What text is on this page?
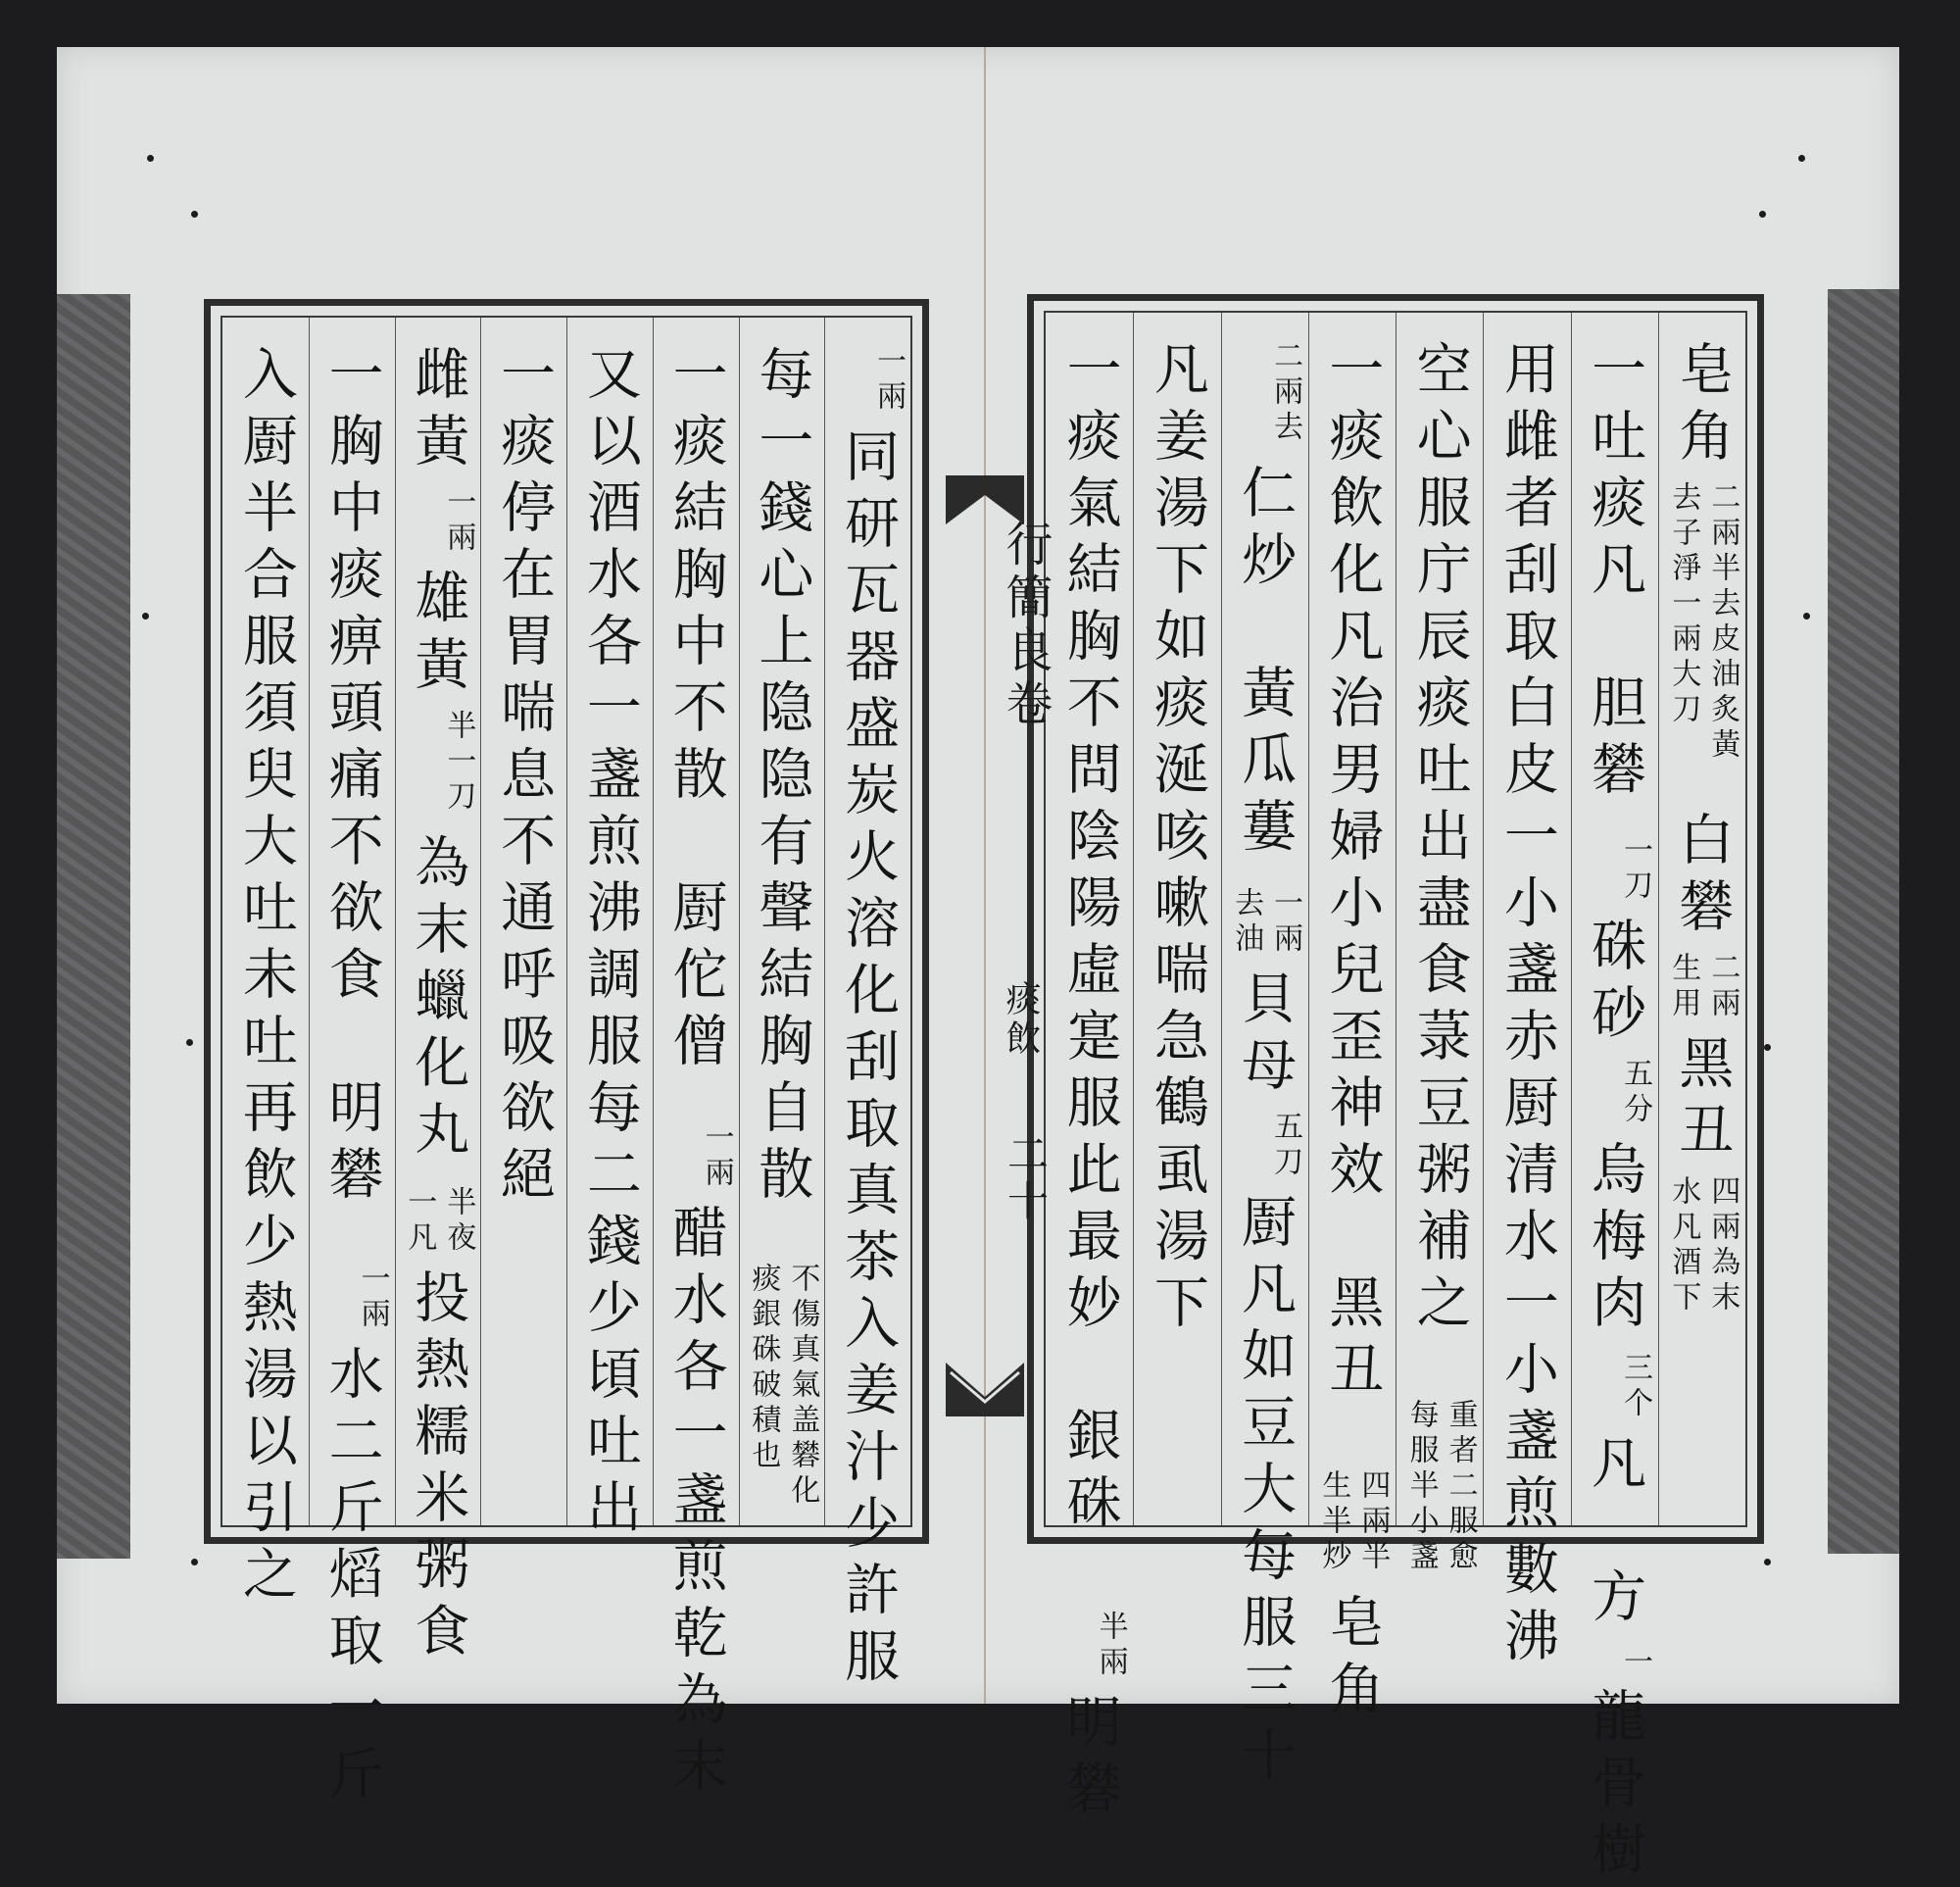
一兩
同研瓦器盛炭火溶化刮取真茶入姜汁少許服
每一錢心上隐隐有聲結胸自散
不傷真氣盖礬化
痰銀硃破積也
一痰結胸中不散　㕑佗僧
一兩
醋水各一盞煎乾為末
又以酒水各一盞煎沸調服每二錢少頃吐出
一痰停在胃喘息不通呼吸欲絕
雌黃
一兩
雄黃
半一刀
為末蠟化丸
半夜
一凡
投熱糯米粥食
一胸中痰痹頭痛不欲食　明礬
一兩
水二斤熖取一斤
入㕑半合服須臾大吐未吐再飲少熱湯以引之	皂角
二兩半去皮油炙黃
去子淨一兩大刀
白礬
二兩
生用
黑丑
四兩為末
水凡酒下
一吐痰凡　胆礬
一刀
硃砂
五分
烏梅肉
三个
凡　方
一
龍骨樹
用雌者刮取白皮一小盞赤㕑清水一小盞煎數沸
空心服庁辰痰吐出盡食菉豆粥補之
重者二服愈
每服半小盞
一痰飲化凡治男婦小兒歪神效　黑丑
四兩半
生半炒
皂角
二兩去
仁炒　黃瓜蔞
一兩
去油
貝母
五刀
㕑凡如豆大每服三十
凡姜湯下如痰涎咳嗽喘急鶴虱湯下
一痰氣結胸不問陰陽虛寔服此最妙　銀硃
半兩
明礬
行簡良卷
痰飲
二十
